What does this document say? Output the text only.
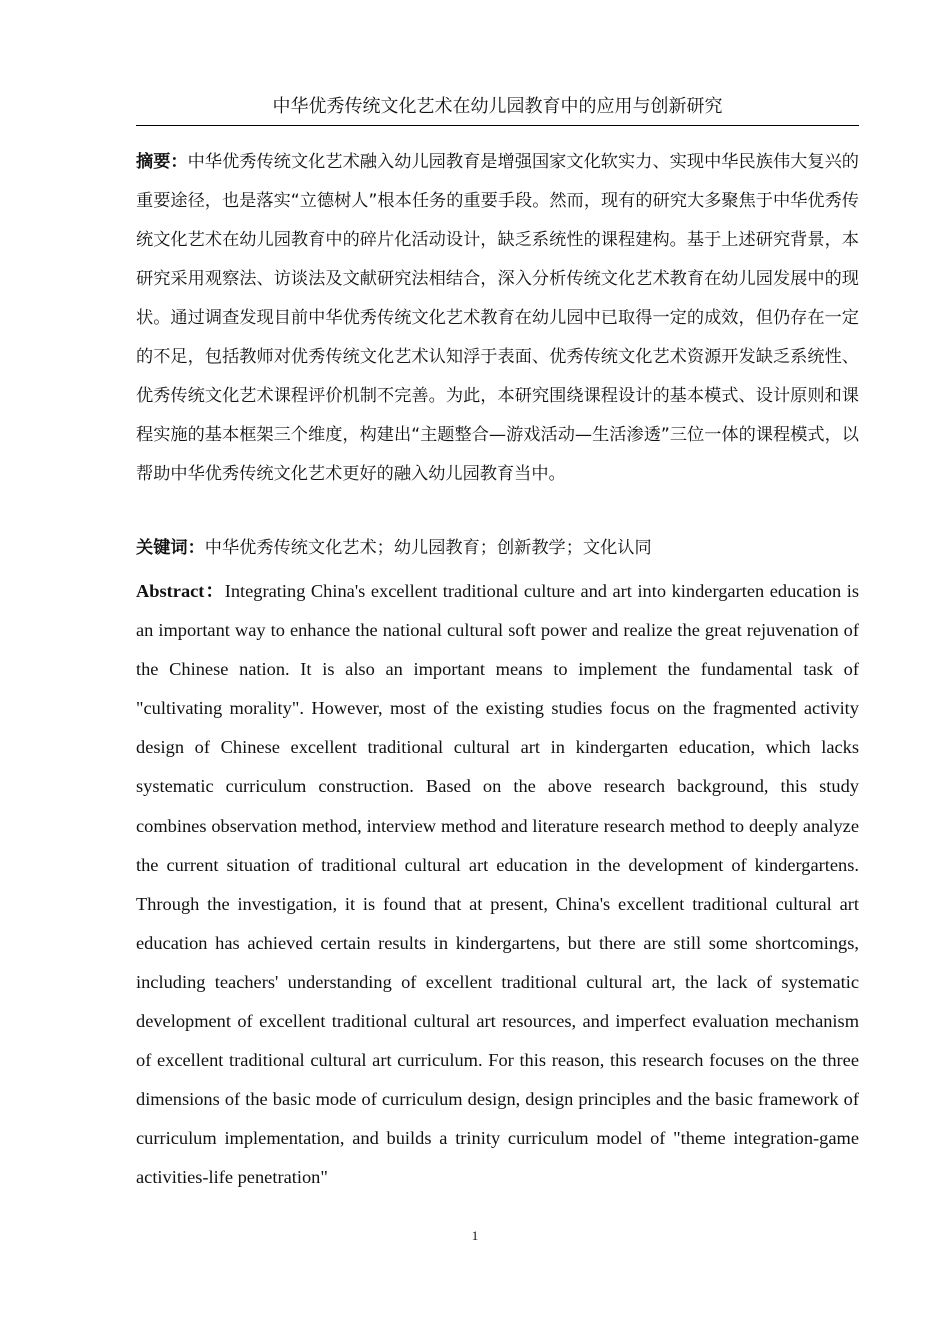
中华优秀传统文化艺术在幼儿园教育中的应用与创新研究

摘要：中华优秀传统文化艺术融入幼儿园教育是增强国家文化软实力、实现中华民族伟大复兴的重要途径，也是落实“立德树人”根本任务的重要手段。然而，现有的研究大多聚焦于中华优秀传统文化艺术在幼儿园教育中的碎片化活动设计，缺乏系统性的课程建构。基于上述研究背景，本研究采用观察法、访谈法及文献研究法相结合，深入分析传统文化艺术教育在幼儿园发展中的现状。通过调查发现目前中华优秀传统文化艺术教育在幼儿园中已取得一定的成效，但仍存在一定的不足，包括教师对优秀传统文化艺术认知浮于表面、优秀传统文化艺术资源开发缺乏系统性、优秀传统文化艺术课程评价机制不完善。为此，本研究围绕课程设计的基本模式、设计原则和课程实施的基本框架三个维度，构建出“主题整合—游戏活动—生活渗透”三位一体的课程模式，以帮助中华优秀传统文化艺术更好的融入幼儿园教育当中。

关键词：中华优秀传统文化艺术；幼儿园教育；创新教学；文化认同

Abstract：Integrating China's excellent traditional culture and art into kindergarten education is an important way to enhance the national cultural soft power and realize the great rejuvenation of the Chinese nation. It is also an important means to implement the fundamental task of "cultivating morality". However, most of the existing studies focus on the fragmented activity design of Chinese excellent traditional cultural art in kindergarten education, which lacks systematic curriculum construction. Based on the above research background, this study combines observation method, interview method and literature research method to deeply analyze the current situation of traditional cultural art education in the development of kindergartens. Through the investigation, it is found that at present, China's excellent traditional cultural art education has achieved certain results in kindergartens, but there are still some shortcomings, including teachers' understanding of excellent traditional cultural art, the lack of systematic development of excellent traditional cultural art resources, and imperfect evaluation mechanism of excellent traditional cultural art curriculum. For this reason, this research focuses on the three dimensions of the basic mode of curriculum design, design principles and the basic framework of curriculum implementation, and builds a trinity curriculum model of "theme integration-game activities-life penetration"

1
